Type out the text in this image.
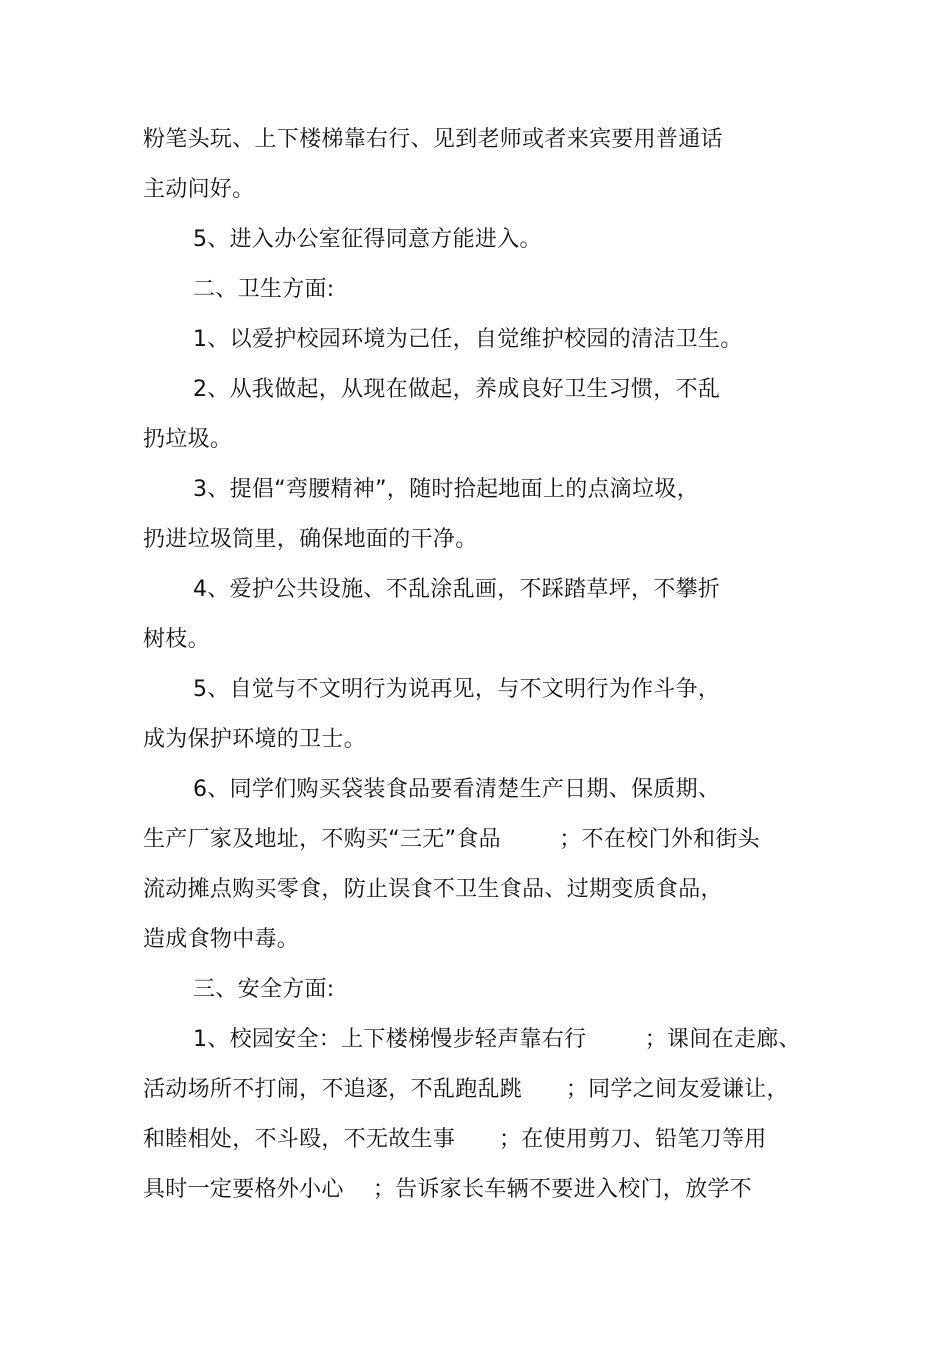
粉笔头玩、上下楼梯靠右行、见到老师或者来宾要用普通话
主动问好。
5、进入办公室征得同意方能进入。
二、卫生方面:
1、以爱护校园环境为己任，自觉维护校园的清洁卫生。
2、从我做起，从现在做起，养成良好卫生习惯，不乱
扔垃圾。
3、提倡“弯腰精神”，随时拾起地面上的点滴垃圾，
扔进垃圾筒里，确保地面的干净。
4、爱护公共设施、不乱涂乱画，不踩踏草坪，不攀折
树枝。
5、自觉与不文明行为说再见，与不文明行为作斗争，
成为保护环境的卫士。
6、同学们购买袋装食品要看清楚生产日期、保质期、
生产厂家及地址，不购买“三无”食品        ；不在校门外和街头
流动摊点购买零食，防止误食不卫生食品、过期变质食品，
造成食物中毒。
三、安全方面:
1、校园安全：上下楼梯慢步轻声靠右行        ；课间在走廊、
活动场所不打闹，不追逐，不乱跑乱跳      ；同学之间友爱谦让，
和睦相处，不斗殴，不无故生事      ；在使用剪刀、铅笔刀等用
具时一定要格外小心    ；告诉家长车辆不要进入校门，放学不
